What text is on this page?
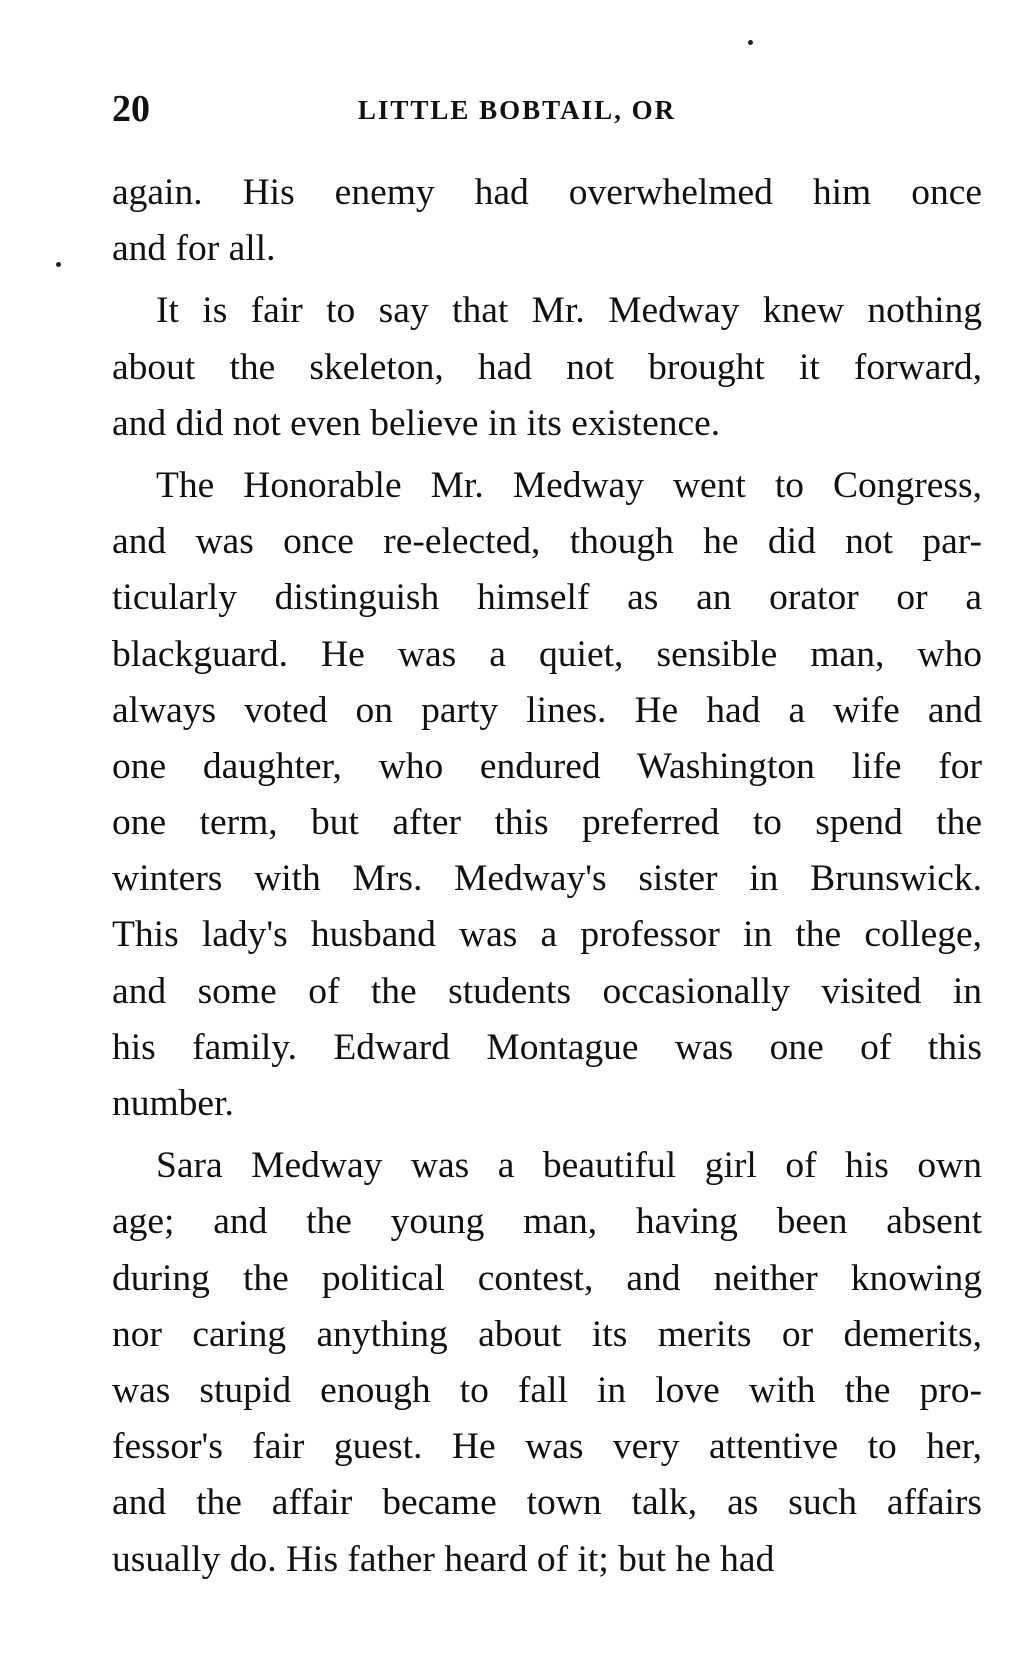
20	LITTLE BOBTAIL, OR
again. His enemy had overwhelmed him once
and for all.
It is fair to say that Mr. Medway knew nothing
about the skeleton, had not brought it forward,
and did not even believe in its existence.
The Honorable Mr. Medway went to Congress,
and was once re-elected, though he did not par-
ticularly distinguish himself as an orator or a
blackguard. He was a quiet, sensible man, who
always voted on party lines. He had a wife and
one daughter, who endured Washington life for
one term, but after this preferred to spend the
winters with Mrs. Medway's sister in Brunswick.
This lady's husband was a professor in the college,
and some of the students occasionally visited in
his family. Edward Montague was one of this
number.
Sara Medway was a beautiful girl of his own
age; and the young man, having been absent
during the political contest, and neither knowing
nor caring anything about its merits or demerits,
was stupid enough to fall in love with the pro-
fessor's fair guest. He was very attentive to her,
and the affair became town talk, as such affairs
usually do. His father heard of it; but he had
